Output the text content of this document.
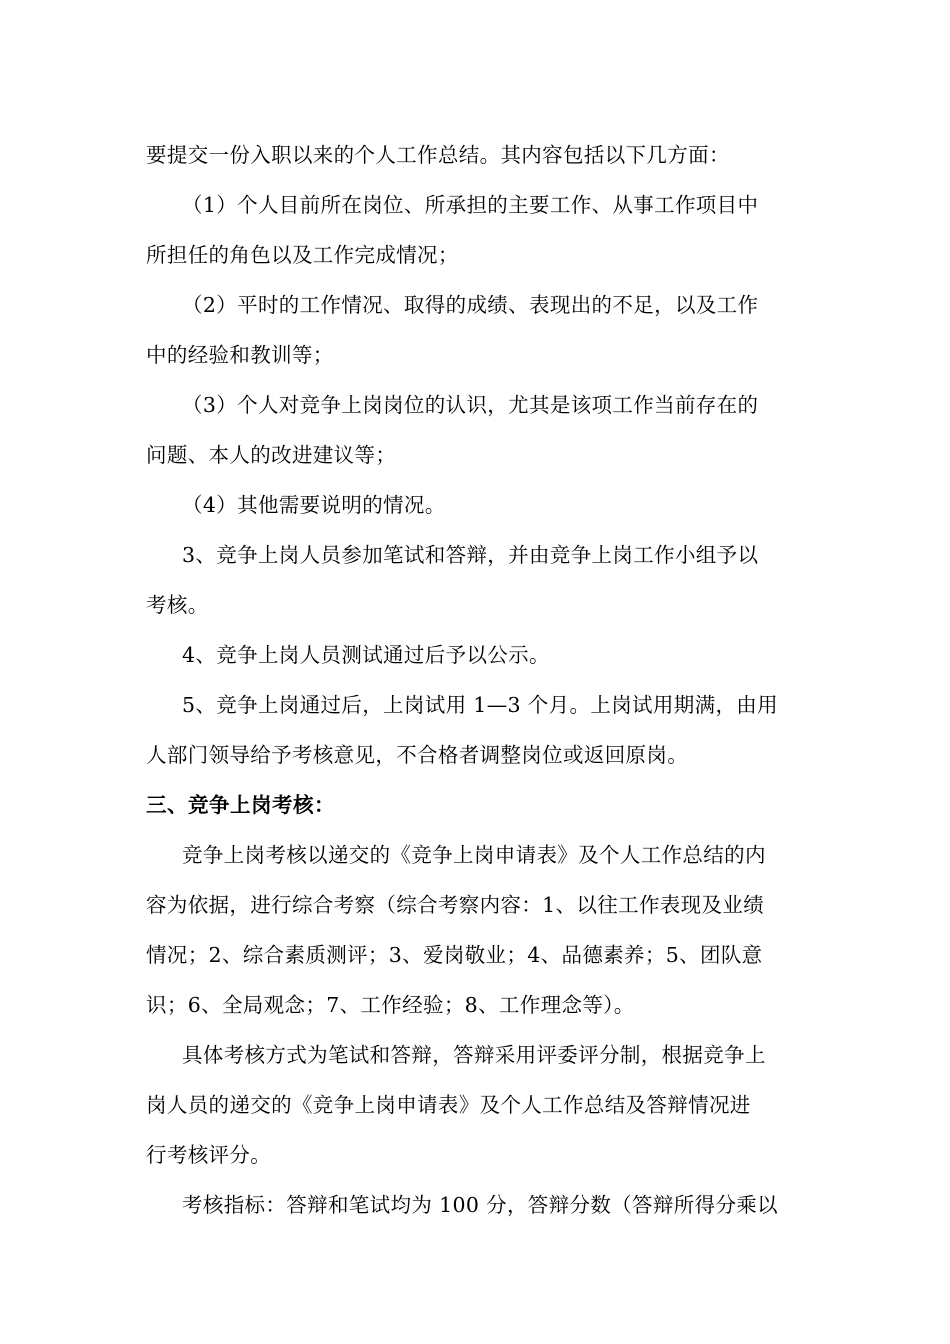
要提交一份入职以来的个人工作总结。其内容包括以下几方面：
（1）个人目前所在岗位、所承担的主要工作、从事工作项目中
所担任的角色以及工作完成情况；
（2）平时的工作情况、取得的成绩、表现出的不足，以及工作
中的经验和教训等；
（3）个人对竞争上岗岗位的认识，尤其是该项工作当前存在的
问题、本人的改进建议等；
（4）其他需要说明的情况。
3、竞争上岗人员参加笔试和答辩，并由竞争上岗工作小组予以
考核。
4、竞争上岗人员测试通过后予以公示。
5、竞争上岗通过后，上岗试用 1—3 个月。上岗试用期满，由用
人部门领导给予考核意见，不合格者调整岗位或返回原岗。
三、竞争上岗考核：
竞争上岗考核以递交的《竞争上岗申请表》及个人工作总结的内
容为依据，进行综合考察（综合考察内容：1、以往工作表现及业绩
情况；2、综合素质测评；3、爱岗敬业；4、品德素养；5、团队意
识；6、全局观念；7、工作经验；8、工作理念等）。
具体考核方式为笔试和答辩，答辩采用评委评分制，根据竞争上
岗人员的递交的《竞争上岗申请表》及个人工作总结及答辩情况进
行考核评分。
考核指标：答辩和笔试均为 100 分，答辩分数（答辩所得分乘以
